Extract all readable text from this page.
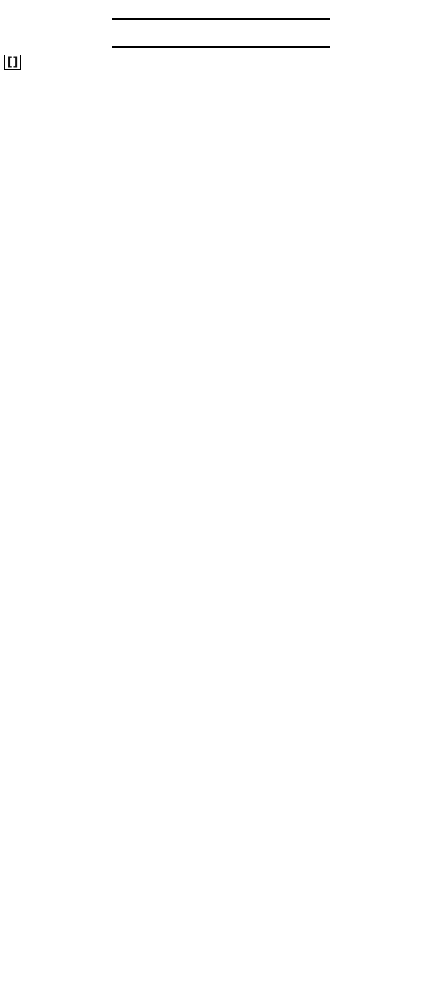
[]
